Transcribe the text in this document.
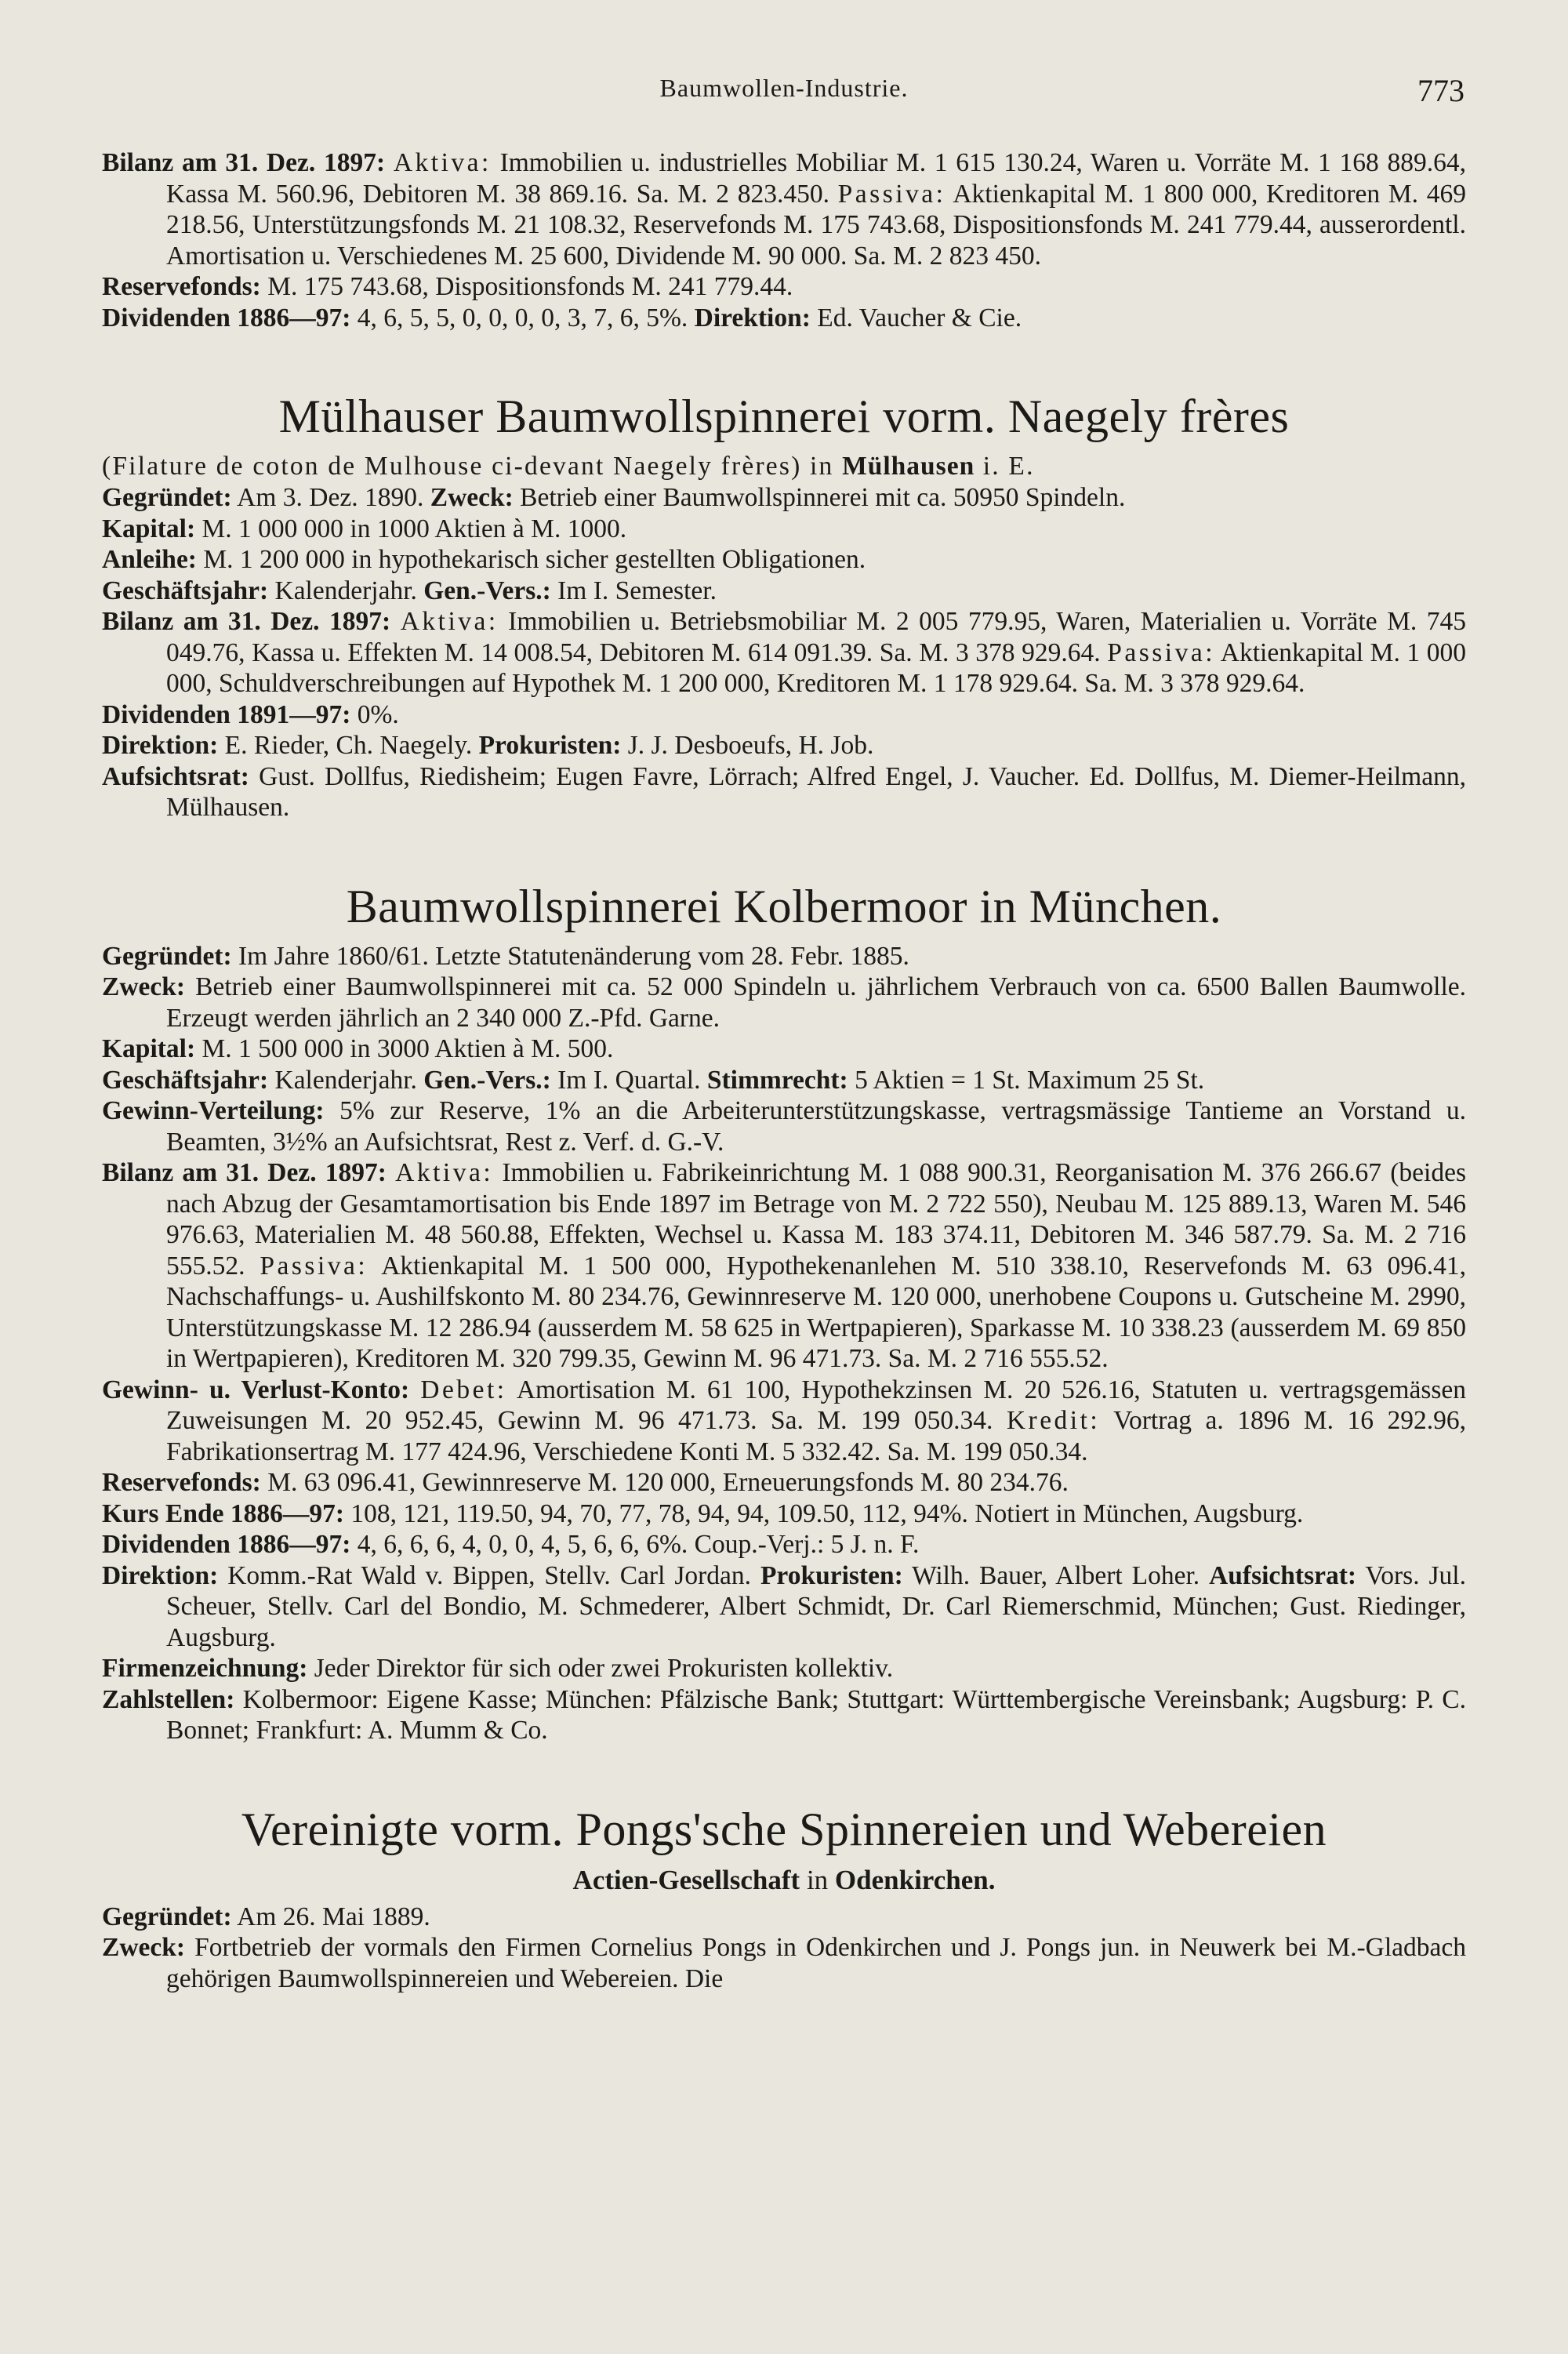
Baumwollen-Industrie.	773

Bilanz am 31. Dez. 1897: Aktiva: Immobilien u. industrielles Mobiliar M. 1 615 130.24, Waren u. Vorräte M. 1 168 889.64, Kassa M. 560.96, Debitoren M. 38 869.16. Sa. M. 2 823.450. Passiva: Aktienkapital M. 1 800 000, Kreditoren M. 469 218.56, Unterstützungsfonds M. 21 108.32, Reservefonds M. 175 743.68, Dispositionsfonds M. 241 779.44, ausserordentl. Amortisation u. Verschiedenes M. 25 600, Dividende M. 90 000. Sa. M. 2 823 450.

Reservefonds: M. 175 743.68, Dispositionsfonds M. 241 779.44.

Dividenden 1886—97: 4, 6, 5, 5, 0, 0, 0, 0, 3, 7, 6, 5%. Direktion: Ed. Vaucher & Cie.

Mülhauser Baumwollspinnerei vorm. Naegely frères

(Filature de coton de Mulhouse ci-devant Naegely frères) in Mülhausen i. E.

Gegründet: Am 3. Dez. 1890. Zweck: Betrieb einer Baumwollspinnerei mit ca. 50950 Spindeln.

Kapital: M. 1 000 000 in 1000 Aktien à M. 1000.

Anleihe: M. 1 200 000 in hypothekarisch sicher gestellten Obligationen.

Geschäftsjahr: Kalenderjahr. Gen.-Vers.: Im I. Semester.

Bilanz am 31. Dez. 1897: Aktiva: Immobilien u. Betriebsmobiliar M. 2 005 779.95, Waren, Materialien u. Vorräte M. 745 049.76, Kassa u. Effekten M. 14 008.54, Debitoren M. 614 091.39. Sa. M. 3 378 929.64. Passiva: Aktienkapital M. 1 000 000, Schuldverschreibungen auf Hypothek M. 1 200 000, Kreditoren M. 1 178 929.64. Sa. M. 3 378 929.64.

Dividenden 1891—97: 0%.

Direktion: E. Rieder, Ch. Naegely. Prokuristen: J. J. Desboeufs, H. Job.

Aufsichtsrat: Gust. Dollfus, Riedisheim; Eugen Favre, Lörrach; Alfred Engel, J. Vaucher. Ed. Dollfus, M. Diemer-Heilmann, Mülhausen.

Baumwollspinnerei Kolbermoor in München.

Gegründet: Im Jahre 1860/61. Letzte Statutenänderung vom 28. Febr. 1885.

Zweck: Betrieb einer Baumwollspinnerei mit ca. 52 000 Spindeln u. jährlichem Verbrauch von ca. 6500 Ballen Baumwolle. Erzeugt werden jährlich an 2 340 000 Z.-Pfd. Garne.

Kapital: M. 1 500 000 in 3000 Aktien à M. 500.

Geschäftsjahr: Kalenderjahr. Gen.-Vers.: Im I. Quartal. Stimmrecht: 5 Aktien = 1 St. Maximum 25 St.

Gewinn-Verteilung: 5% zur Reserve, 1% an die Arbeiterunterstützungskasse, vertragsmässige Tantieme an Vorstand u. Beamten, 3½% an Aufsichtsrat, Rest z. Verf. d. G.-V.

Bilanz am 31. Dez. 1897: Aktiva: Immobilien u. Fabrikeinrichtung M. 1 088 900.31, Reorganisation M. 376 266.67 (beides nach Abzug der Gesamtamortisation bis Ende 1897 im Betrage von M. 2 722 550), Neubau M. 125 889.13, Waren M. 546 976.63, Materialien M. 48 560.88, Effekten, Wechsel u. Kassa M. 183 374.11, Debitoren M. 346 587.79. Sa. M. 2 716 555.52. Passiva: Aktienkapital M. 1 500 000, Hypothekenanlehen M. 510 338.10, Reservefonds M. 63 096.41, Nachschaffungs- u. Aushilfskonto M. 80 234.76, Gewinnreserve M. 120 000, unerhobene Coupons u. Gutscheine M. 2990, Unterstützungskasse M. 12 286.94 (ausserdem M. 58 625 in Wertpapieren), Sparkasse M. 10 338.23 (ausserdem M. 69 850 in Wertpapieren), Kreditoren M. 320 799.35, Gewinn M. 96 471.73. Sa. M. 2 716 555.52.

Gewinn- u. Verlust-Konto: Debet: Amortisation M. 61 100, Hypothekzinsen M. 20 526.16, Statuten u. vertragsgemässen Zuweisungen M. 20 952.45, Gewinn M. 96 471.73. Sa. M. 199 050.34. Kredit: Vortrag a. 1896 M. 16 292.96, Fabrikationsertrag M. 177 424.96, Verschiedene Konti M. 5 332.42. Sa. M. 199 050.34.

Reservefonds: M. 63 096.41, Gewinnreserve M. 120 000, Erneuerungsfonds M. 80 234.76.

Kurs Ende 1886—97: 108, 121, 119.50, 94, 70, 77, 78, 94, 94, 109.50, 112, 94%. Notiert in München, Augsburg.

Dividenden 1886—97: 4, 6, 6, 6, 4, 0, 0, 4, 5, 6, 6, 6%. Coup.-Verj.: 5 J. n. F.

Direktion: Komm.-Rat Wald v. Bippen, Stellv. Carl Jordan. Prokuristen: Wilh. Bauer, Albert Loher. Aufsichtsrat: Vors. Jul. Scheuer, Stellv. Carl del Bondio, M. Schmederer, Albert Schmidt, Dr. Carl Riemerschmid, München; Gust. Riedinger, Augsburg.

Firmenzeichnung: Jeder Direktor für sich oder zwei Prokuristen kollektiv.

Zahlstellen: Kolbermoor: Eigene Kasse; München: Pfälzische Bank; Stuttgart: Württembergische Vereinsbank; Augsburg: P. C. Bonnet; Frankfurt: A. Mumm & Co.

Vereinigte vorm. Pongs'sche Spinnereien und Webereien

Actien-Gesellschaft in Odenkirchen.

Gegründet: Am 26. Mai 1889.

Zweck: Fortbetrieb der vormals den Firmen Cornelius Pongs in Odenkirchen und J. Pongs jun. in Neuwerk bei M.-Gladbach gehörigen Baumwollspinnereien und Webereien. Die
